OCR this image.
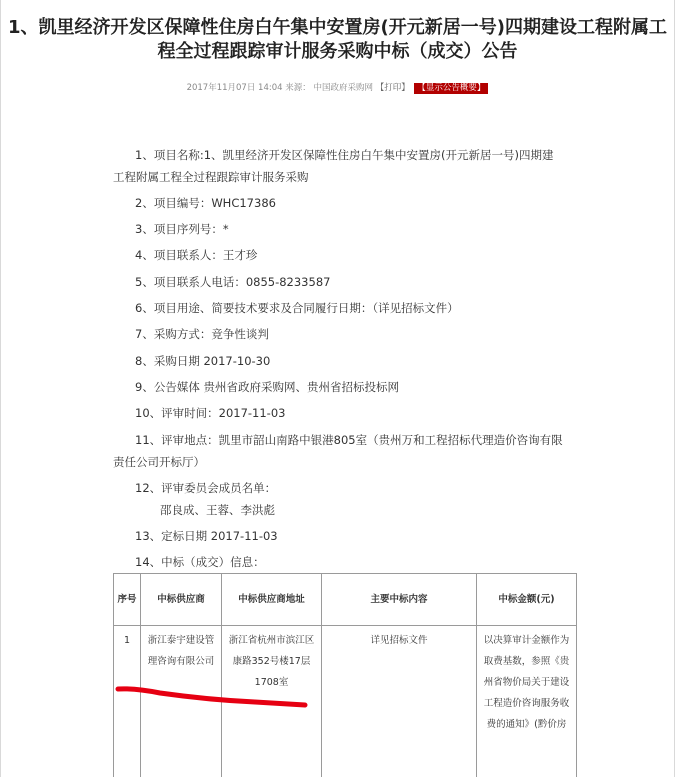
1、凯里经济开发区保障性住房白午集中安置房(开元新居一号)四期建设工程附属工程全过程跟踪审计服务采购中标（成交）公告
2017年11月07日 14:04 来源： 中国政府采购网 【打印】 【显示公告概要】
1、项目名称:1、凯里经济开发区保障性住房白午集中安置房(开元新居一号)四期建
工程附属工程全过程跟踪审计服务采购
2、项目编号：WHC17386
3、项目序列号：*
4、项目联系人：王才珍
5、项目联系人电话：0855-8233587
6、项目用途、简要技术要求及合同履行日期：（详见招标文件）
7、采购方式：竞争性谈判
8、采购日期 2017-10-30
9、公告媒体 贵州省政府采购网、贵州省招标投标网
10、评审时间：2017-11-03
11、评审地点：凯里市韶山南路中银港805室（贵州万和工程招标代理造价咨询有限
责任公司开标厅）
12、评审委员会成员名单：
邵良成、王蓉、李洪彪
13、定标日期 2017-11-03
14、中标（成交）信息：
序号	中标供应商	中标供应商地址	主要中标内容	中标金额(元)
1	浙江泰宇建设管理咨询有限公司	浙江省杭州市滨江区康路352号楼17层1708室	详见招标文件	以决算审计金额作为取费基数，参照《贵州省物价局关于建设工程造价咨询服务收费的通知》(黔价房
